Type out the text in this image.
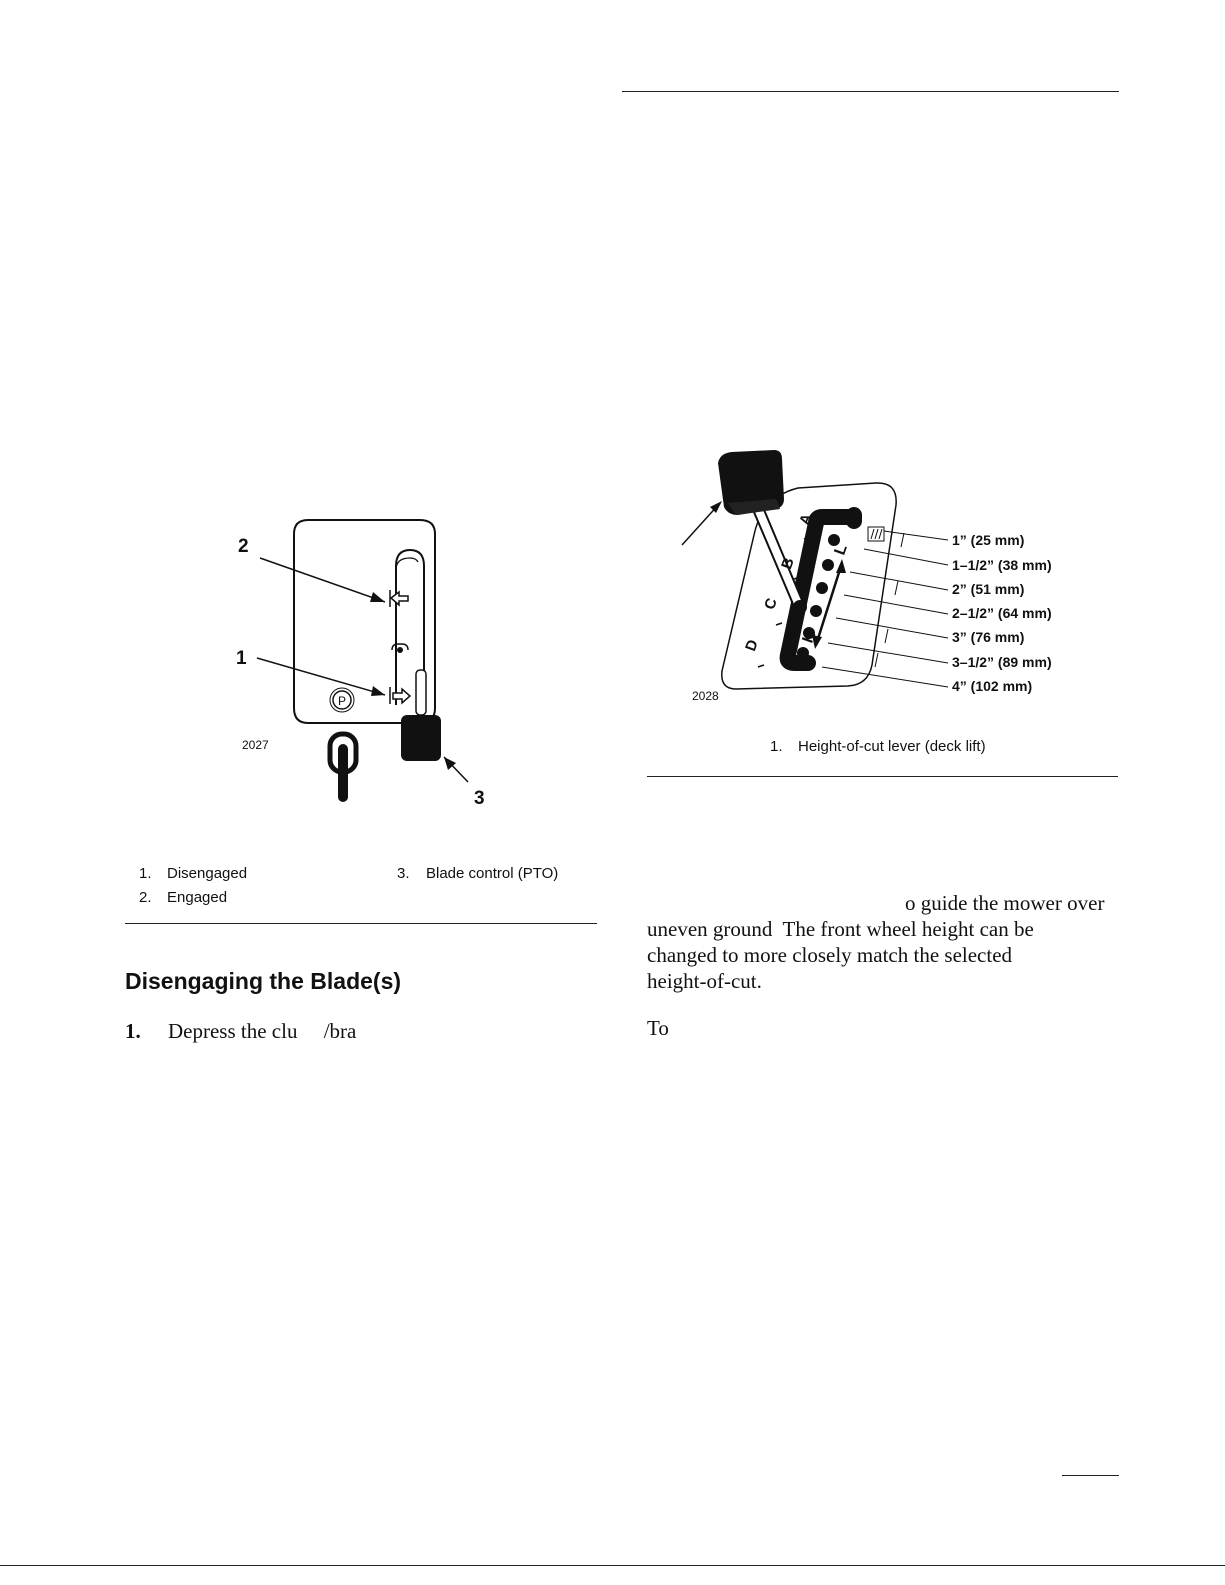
P
2
1
3
2027
1. Disengaged
2. Engaged
3. Blade control (PTO)
Disengaging the Blade(s)
1. Depress the clu     /bra
A
B
C
D
L
H
1” (25 mm)
1–1/2” (38 mm)
2” (51 mm)
2–1/2” (64 mm)
3” (76 mm)
3–1/2” (89 mm)
4” (102 mm)
2028
1. Height-of-cut lever (deck lift)
o guide the mower over
uneven ground  The front wheel height can be
changed to more closely match the selected
height-of-cut.
To
